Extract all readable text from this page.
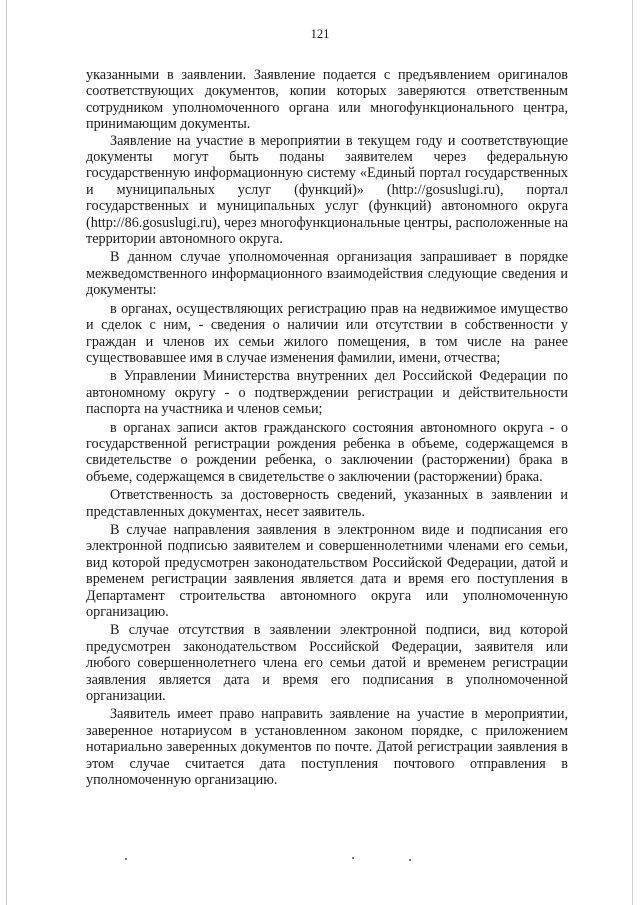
121

указанными в заявлении. Заявление подается с предъявлением оригиналов соответствующих документов, копии которых заверяются ответственным сотрудником уполномоченного органа или многофункционального центра, принимающим документы.

Заявление на участие в мероприятии в текущем году и соответствующие документы могут быть поданы заявителем через федеральную государственную информационную систему «Единый портал государственных и муниципальных услуг (функций)» (http://gosuslugi.ru), портал государственных и муниципальных услуг (функций) автономного округа (http://86.gosuslugi.ru), через многофункциональные центры, расположенные на территории автономного округа.

В данном случае уполномоченная организация запрашивает в порядке межведомственного информационного взаимодействия следующие сведения и документы:

в органах, осуществляющих регистрацию прав на недвижимое имущество и сделок с ним, - сведения о наличии или отсутствии в собственности у граждан и членов их семьи жилого помещения, в том числе на ранее существовавшее имя в случае изменения фамилии, имени, отчества;

в Управлении Министерства внутренних дел Российской Федерации по автономному округу - о подтверждении регистрации и действительности паспорта на участника и членов семьи;

в органах записи актов гражданского состояния автономного округа - о государственной регистрации рождения ребенка в объеме, содержащемся в свидетельстве о рождении ребенка, о заключении (расторжении) брака в объеме, содержащемся в свидетельстве о заключении (расторжении) брака.

Ответственность за достоверность сведений, указанных в заявлении и представленных документах, несет заявитель.

В случае направления заявления в электронном виде и подписания его электронной подписью заявителем и совершеннолетними членами его семьи, вид которой предусмотрен законодательством Российской Федерации, датой и временем регистрации заявления является дата и время его поступления в Департамент строительства автономного округа или уполномоченную организацию.

В случае отсутствия в заявлении электронной подписи, вид которой предусмотрен законодательством Российской Федерации, заявителя или любого совершеннолетнего члена его семьи датой и временем регистрации заявления является дата и время его подписания в уполномоченной организации.

Заявитель имеет право направить заявление на участие в мероприятии, заверенное нотариусом в установленном законом порядке, с приложением нотариально заверенных документов по почте. Датой регистрации заявления в этом случае считается дата поступления почтового отправления в уполномоченную организацию.
